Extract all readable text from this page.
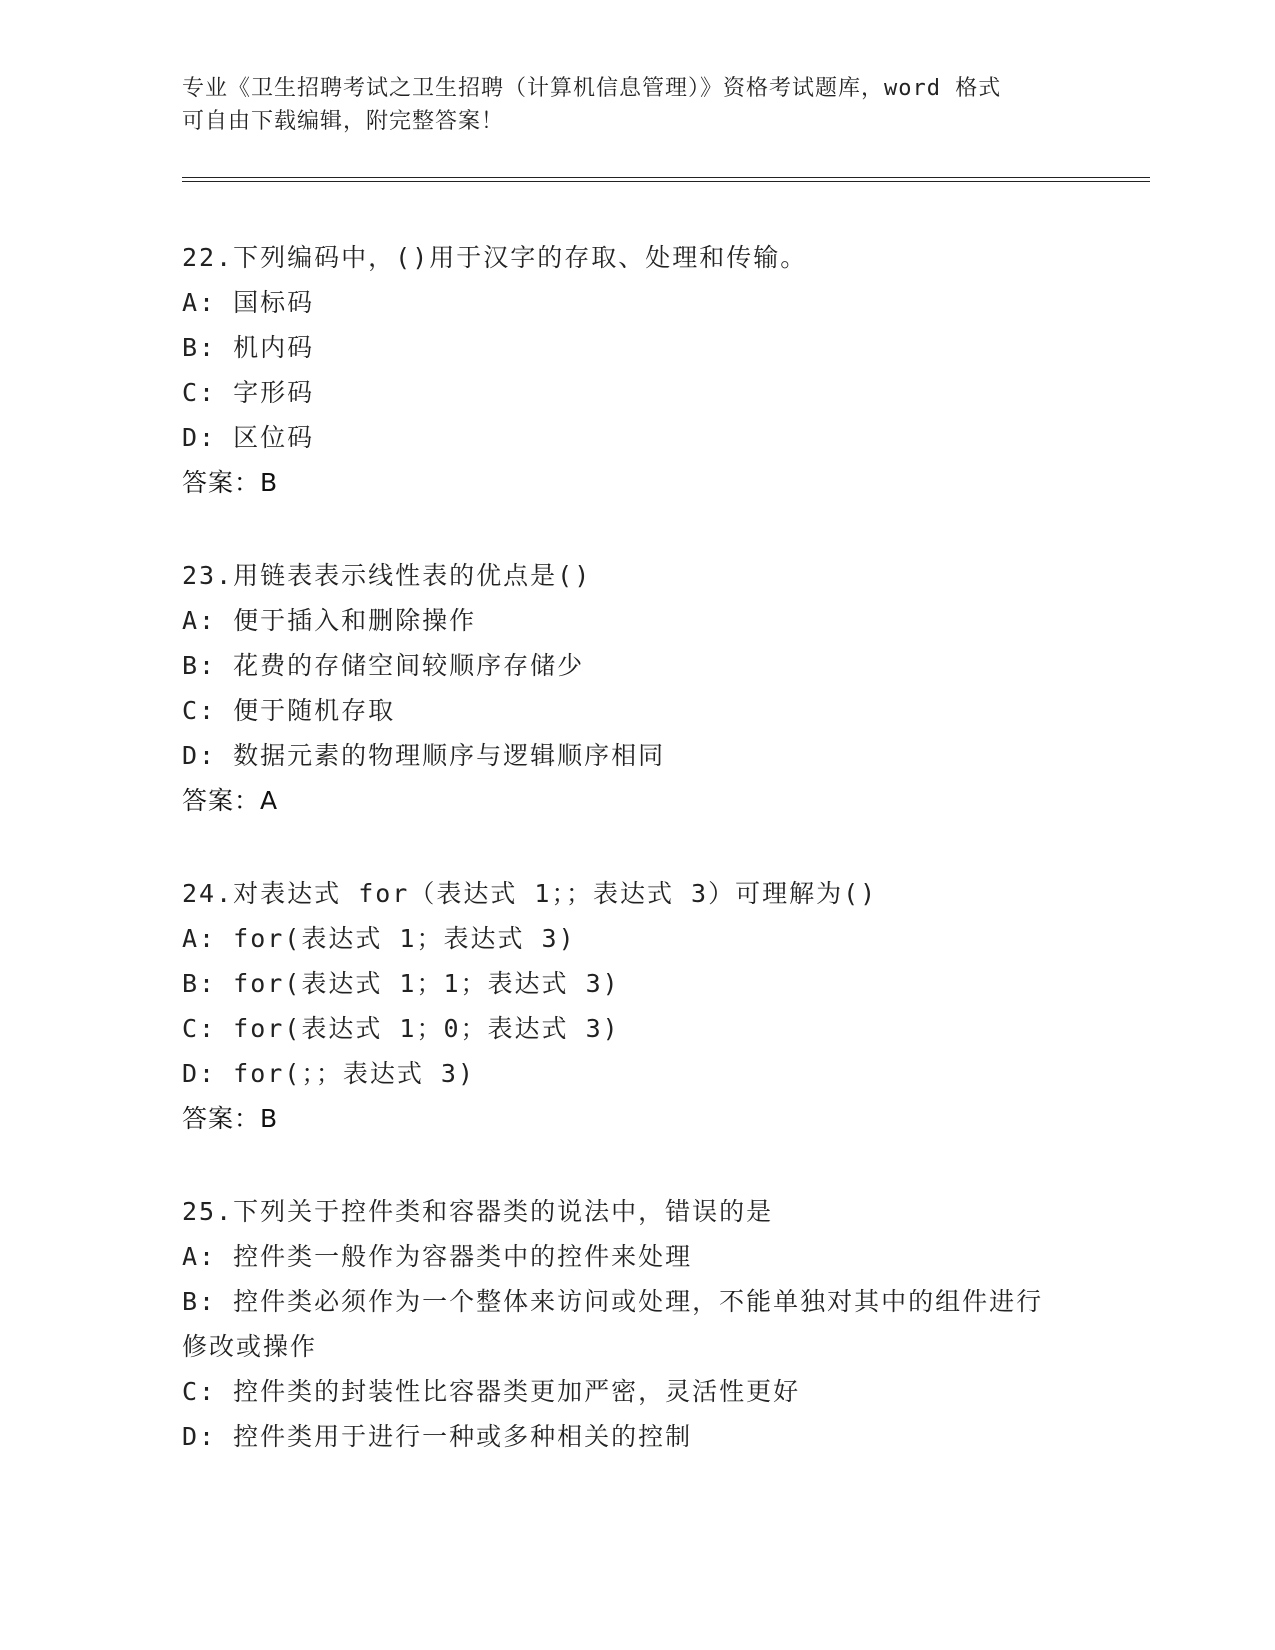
专业《卫生招聘考试之卫生招聘（计算机信息管理）》资格考试题库，word 格式
可自由下载编辑，附完整答案！
22.下列编码中，()用于汉字的存取、处理和传输。
A: 国标码
B: 机内码
C: 字形码
D: 区位码
答案：B
23.用链表表示线性表的优点是()
A: 便于插入和删除操作
B: 花费的存储空间较顺序存储少
C: 便于随机存取
D: 数据元素的物理顺序与逻辑顺序相同
答案：A
24.对表达式 for（表达式 1；；表达式 3）可理解为()
A: for(表达式 1；表达式 3)
B: for(表达式 1；1；表达式 3)
C: for(表达式 1；0；表达式 3)
D: for(；；表达式 3)
答案：B
25.下列关于控件类和容器类的说法中，错误的是
A: 控件类一般作为容器类中的控件来处理
B: 控件类必须作为一个整体来访问或处理，不能单独对其中的组件进行修改或操作
C: 控件类的封装性比容器类更加严密，灵活性更好
D: 控件类用于进行一种或多种相关的控制
